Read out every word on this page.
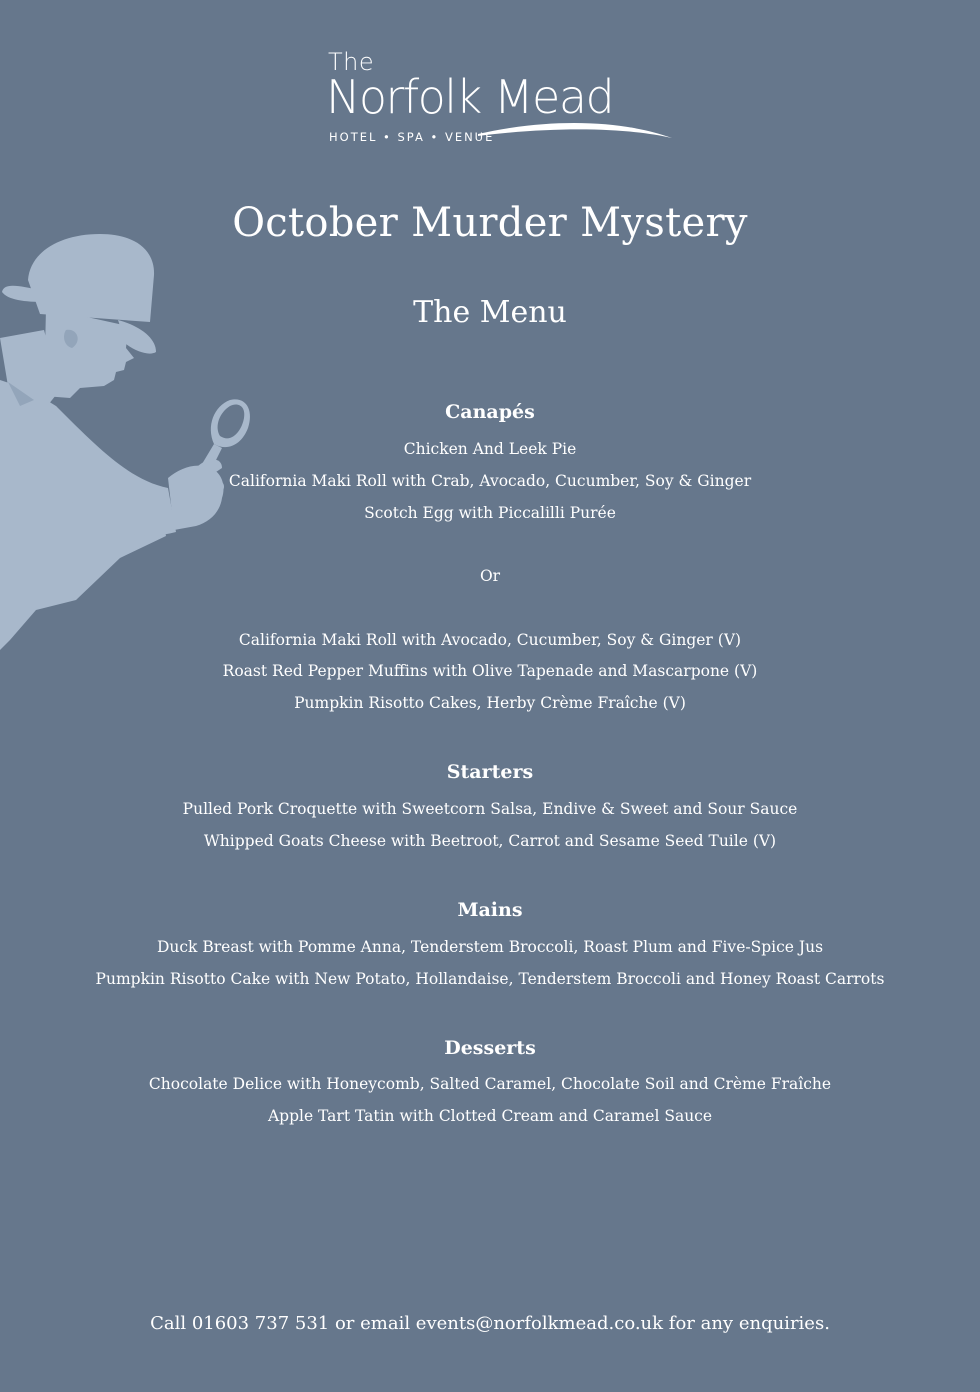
The
Norfolk Mead
HOTEL • SPA • VENUE
October Murder Mystery
The Menu
Canapés
Chicken And Leek Pie
California Maki Roll with Crab, Avocado, Cucumber, Soy & Ginger
Scotch Egg with Piccalilli Purée
Or
California Maki Roll with Avocado, Cucumber, Soy & Ginger (V)
Roast Red Pepper Muffins with Olive Tapenade and Mascarpone (V)
Pumpkin Risotto Cakes, Herby Crème Fraîche (V)
Starters
Pulled Pork Croquette with Sweetcorn Salsa, Endive & Sweet and Sour Sauce
Whipped Goats Cheese with Beetroot, Carrot and Sesame Seed Tuile (V)
Mains
Duck Breast with Pomme Anna, Tenderstem Broccoli, Roast Plum and Five-Spice Jus
Pumpkin Risotto Cake with New Potato, Hollandaise, Tenderstem Broccoli and Honey Roast Carrots
Desserts
Chocolate Delice with Honeycomb, Salted Caramel, Chocolate Soil and Crème Fraîche
Apple Tart Tatin with Clotted Cream and Caramel Sauce
Call 01603 737 531 or email events@norfolkmead.co.uk for any enquiries.
